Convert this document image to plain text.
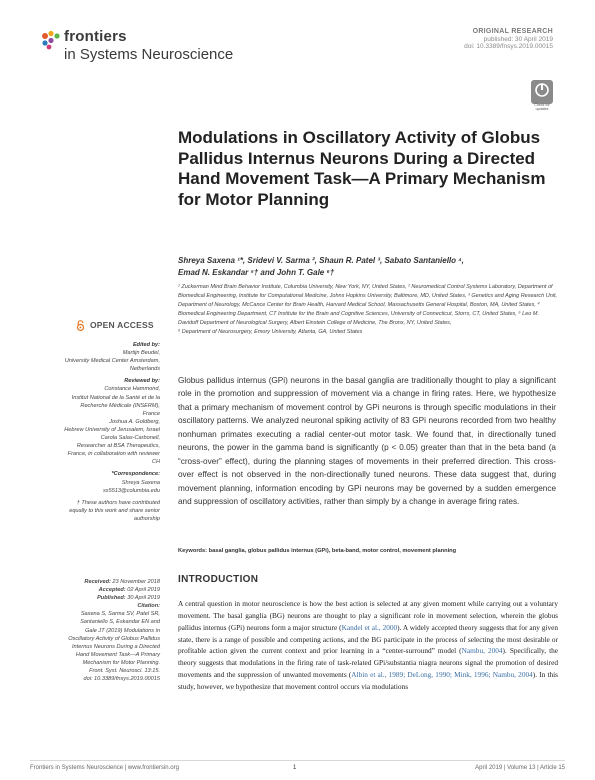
frontiers
in Systems Neuroscience
ORIGINAL RESEARCH
published: 30 April 2019
doi: 10.3389/fnsys.2019.00015
Check for updates
Modulations in Oscillatory Activity of Globus Pallidus Internus Neurons During a Directed Hand Movement Task—A Primary Mechanism for Motor Planning
Shreya Saxena ¹*, Sridevi V. Sarma ², Shaun R. Patel ³, Sabato Santaniello ⁴,
Emad N. Eskandar ⁵† and John T. Gale ⁶†
¹ Zuckerman Mind Brain Behavior Institute, Columbia University, New York, NY, United States, ² Neuromedical Control Systems Laboratory, Department of Biomedical Engineering, Institute for Computational Medicine, Johns Hopkins University, Baltimore, MD, United States, ³ Genetics and Aging Research Unit, Department of Neurology, McCance Center for Brain Health, Harvard Medical School, Massachusetts General Hospital, Boston, MA, United States, ⁴ Biomedical Engineering Department, CT Institute for the Brain and Cognitive Sciences, University of Connecticut, Storrs, CT, United States, ⁵ Leo M. Davidoff Department of Neurological Surgery, Albert Einstein College of Medicine, The Bronx, NY, United States,
⁶ Department of Neurosurgery, Emory University, Atlanta, GA, United States
OPEN ACCESS
Edited by:
Martijn Beudel,
University Medical Center Amsterdam,
Netherlands
Reviewed by:
Constance Hammond,
Institut National de la Santé et de la
Recherche Médicale (INSERM),
France
Joshua A. Goldberg,
Hebrew University of Jerusalem, Israel
Carola Salas-Carbonell,
Researcher at BSA Therapeutics,
France, in collaboration with reviewer
CH
*Correspondence:
Shreya Saxena
ss5513@columbia.edu
† These authors have contributed
equally to this work and share senior
authorship
Received: 23 November 2018
Accepted: 02 April 2019
Published: 30 April 2019
Citation:
Saxena S, Sarma SV, Patel SR,
Santaniello S, Eskandar EN and
Gale JT (2019) Modulations in
Oscillatory Activity of Globus Pallidus
Internus Neurons During a Directed
Hand Movement Task—A Primary
Mechanism for Motor Planning.
Front. Syst. Neurosci. 13:15.
doi: 10.3389/fnsys.2019.00015
Globus pallidus internus (GPi) neurons in the basal ganglia are traditionally thought to play a significant role in the promotion and suppression of movement via a change in firing rates. Here, we hypothesize that a primary mechanism of movement control by GPi neurons is through specific modulations in their oscillatory patterns. We analyzed neuronal spiking activity of 83 GPi neurons recorded from two healthy nonhuman primates executing a radial center-out motor task. We found that, in directionally tuned neurons, the power in the gamma band is significantly (p < 0.05) greater than that in the beta band (a “cross-over” effect), during the planning stages of movements in their preferred direction. This cross-over effect is not observed in the non-directionally tuned neurons. These data suggest that, during movement planning, information encoding by GPi neurons may be governed by a sudden emergence and suppression of oscillatory activities, rather than simply by a change in average firing rates.
Keywords: basal ganglia, globus pallidus internus (GPi), beta-band, motor control, movement planning
INTRODUCTION
A central question in motor neuroscience is how the best action is selected at any given moment while carrying out a voluntary movement. The basal ganglia (BG) neurons are thought to play a significant role in movement selection, wherein the globus pallidus internus (GPi) neurons form a major structure (Kandel et al., 2000). A widely accepted theory suggests that for any given state, there is a range of possible and competing actions, and the BG participate in the process of selecting the most desirable or profitable action given the current context and prior learning in a “center-surround” model (Nambu, 2004). Specifically, the theory suggests that modulations in the firing rate of task-related GPi/substantia niagra neurons signal the promotion of desired movements and the suppression of unwanted movements (Albin et al., 1989; DeLong, 1990; Mink, 1996; Nambu, 2004). In this study, however, we hypothesize that movement control occurs via modulations
Frontiers in Systems Neuroscience | www.frontiersin.org	1	April 2019 | Volume 13 | Article 15
